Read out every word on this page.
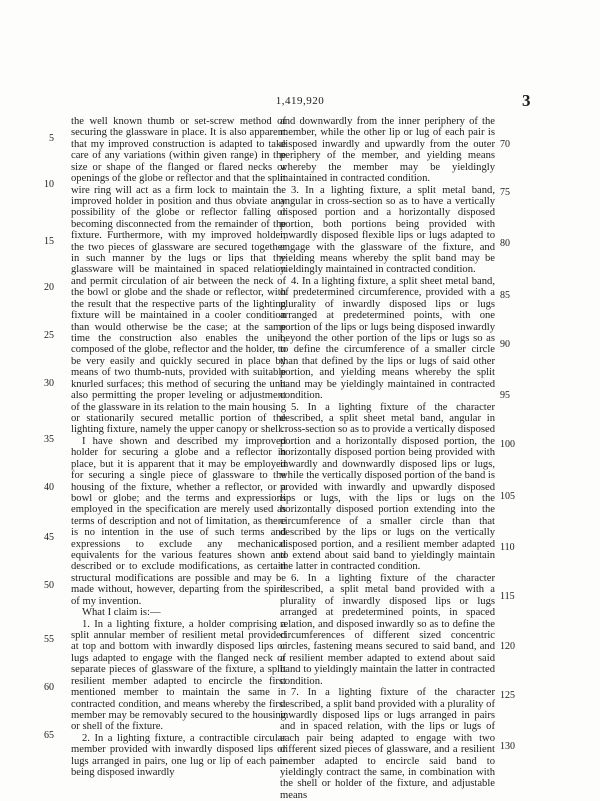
1,419,920	3

the well known thumb or set-screw method of securing the glassware in place. It is also apparent that my improved construction is adapted to take care of any variations (within given range) in the size or shape of the flanged or flared necks or openings of the globe or reflector and that the split wire ring will act as a firm lock to maintain the improved holder in position and thus obviate any possibility of the globe or reflector falling or becoming disconnected from the remainder of the fixture. Furthermore, with my improved holder, the two pieces of glassware are secured together in such manner by the lugs or lips that the glassware will be maintained in spaced relation and permit circulation of air between the neck of the bowl or globe and the shade or reflector, with the result that the respective parts of the lighting fixture will be maintained in a cooler condition than would otherwise be the case; at the same time the construction also enables the unit, composed of the globe, reflector and the holder, to be very easily and quickly secured in place by means of two thumb-nuts, provided with suitable knurled surfaces; this method of securing the unit also permitting the proper leveling or adjustment of the glassware in its relation to the main housing or stationarily secured metallic portion of the lighting fixture, namely the upper canopy or shell.

I have shown and described my improved holder for securing a globe and a reflector in place, but it is apparent that it may be employed for securing a single piece of glassware to the housing of the fixture, whether a reflector, or a bowl or globe; and the terms and expressions employed in the specification are merely used as terms of description and not of limitation, as there is no intention in the use of such terms and expressions to exclude any mechanical equivalents for the various features shown and described or to exclude modifications, as certain structural modifications are possible and may be made without, however, departing from the spirit of my invention.

What I claim is:—

1. In a lighting fixture, a holder comprising a split annular member of resilient metal provided at top and bottom with inwardly disposed lips or lugs adapted to engage with the flanged neck of separate pieces of glassware of the fixture, a split resilient member adapted to encircle the first mentioned member to maintain the same in contracted condition, and means whereby the first member may be removably secured to the housing or shell of the fixture.

2. In a lighting fixture, a contractible circular member provided with inwardly disposed lips or lugs arranged in pairs, one lug or lip of each pair being disposed inwardly

and downwardly from the inner periphery of the member, while the other lip or lug of each pair is disposed inwardly and upwardly from the outer periphery of the member, and yielding means whereby the member may be yieldingly maintained in contracted condition.

3. In a lighting fixture, a split metal band, angular in cross-section so as to have a vertically disposed portion and a horizontally disposed portion, both portions being provided with inwardly disposed flexible lips or lugs adapted to engage with the glassware of the fixture, and yielding means whereby the split band may be yieldingly maintained in contracted condition.

4. In a lighting fixture, a split sheet metal band, of predetermined circumference, provided with a plurality of inwardly disposed lips or lugs arranged at predetermined points, with one portion of the lips or lugs being disposed inwardly beyond the other portion of the lips or lugs so as to define the circumference of a smaller circle than that defined by the lips or lugs of said other portion, and yielding means whereby the split band may be yieldingly maintained in contracted condition.

5. In a lighting fixture of the character described, a split sheet metal band, angular in cross-section so as to provide a vertically disposed portion and a horizontally disposed portion, the horizontally disposed portion being provided with inwardly and downwardly disposed lips or lugs, while the vertically disposed portion of the band is provided with inwardly and upwardly disposed lips or lugs, with the lips or lugs on the horizontally disposed portion extending into the circumference of a smaller circle than that described by the lips or lugs on the vertically disposed portion, and a resilient member adapted to extend about said band to yieldingly maintain the latter in contracted condition.

6. In a lighting fixture of the character described, a split metal band provided with a plurality of inwardly disposed lips or lugs arranged at predetermined points, in spaced relation, and disposed inwardly so as to define the circumferences of different sized concentric circles, fastening means secured to said band, and a resilient member adapted to extend about said band to yieldingly maintain the latter in contracted condition.

7. In a lighting fixture of the character described, a split band provided with a plurality of inwardly disposed lips or lugs arranged in pairs and in spaced relation, with the lips or lugs of each pair being adapted to engage with two different sized pieces of glassware, and a resilient member adapted to encircle said band to yieldingly contract the same, in combination with the shell or holder of the fixture, and adjustable means

5
10
15
20
25
30
35
40
45
50
55
60
65
70
75
80
85
90
95
100
105
110
115
120
125
130
